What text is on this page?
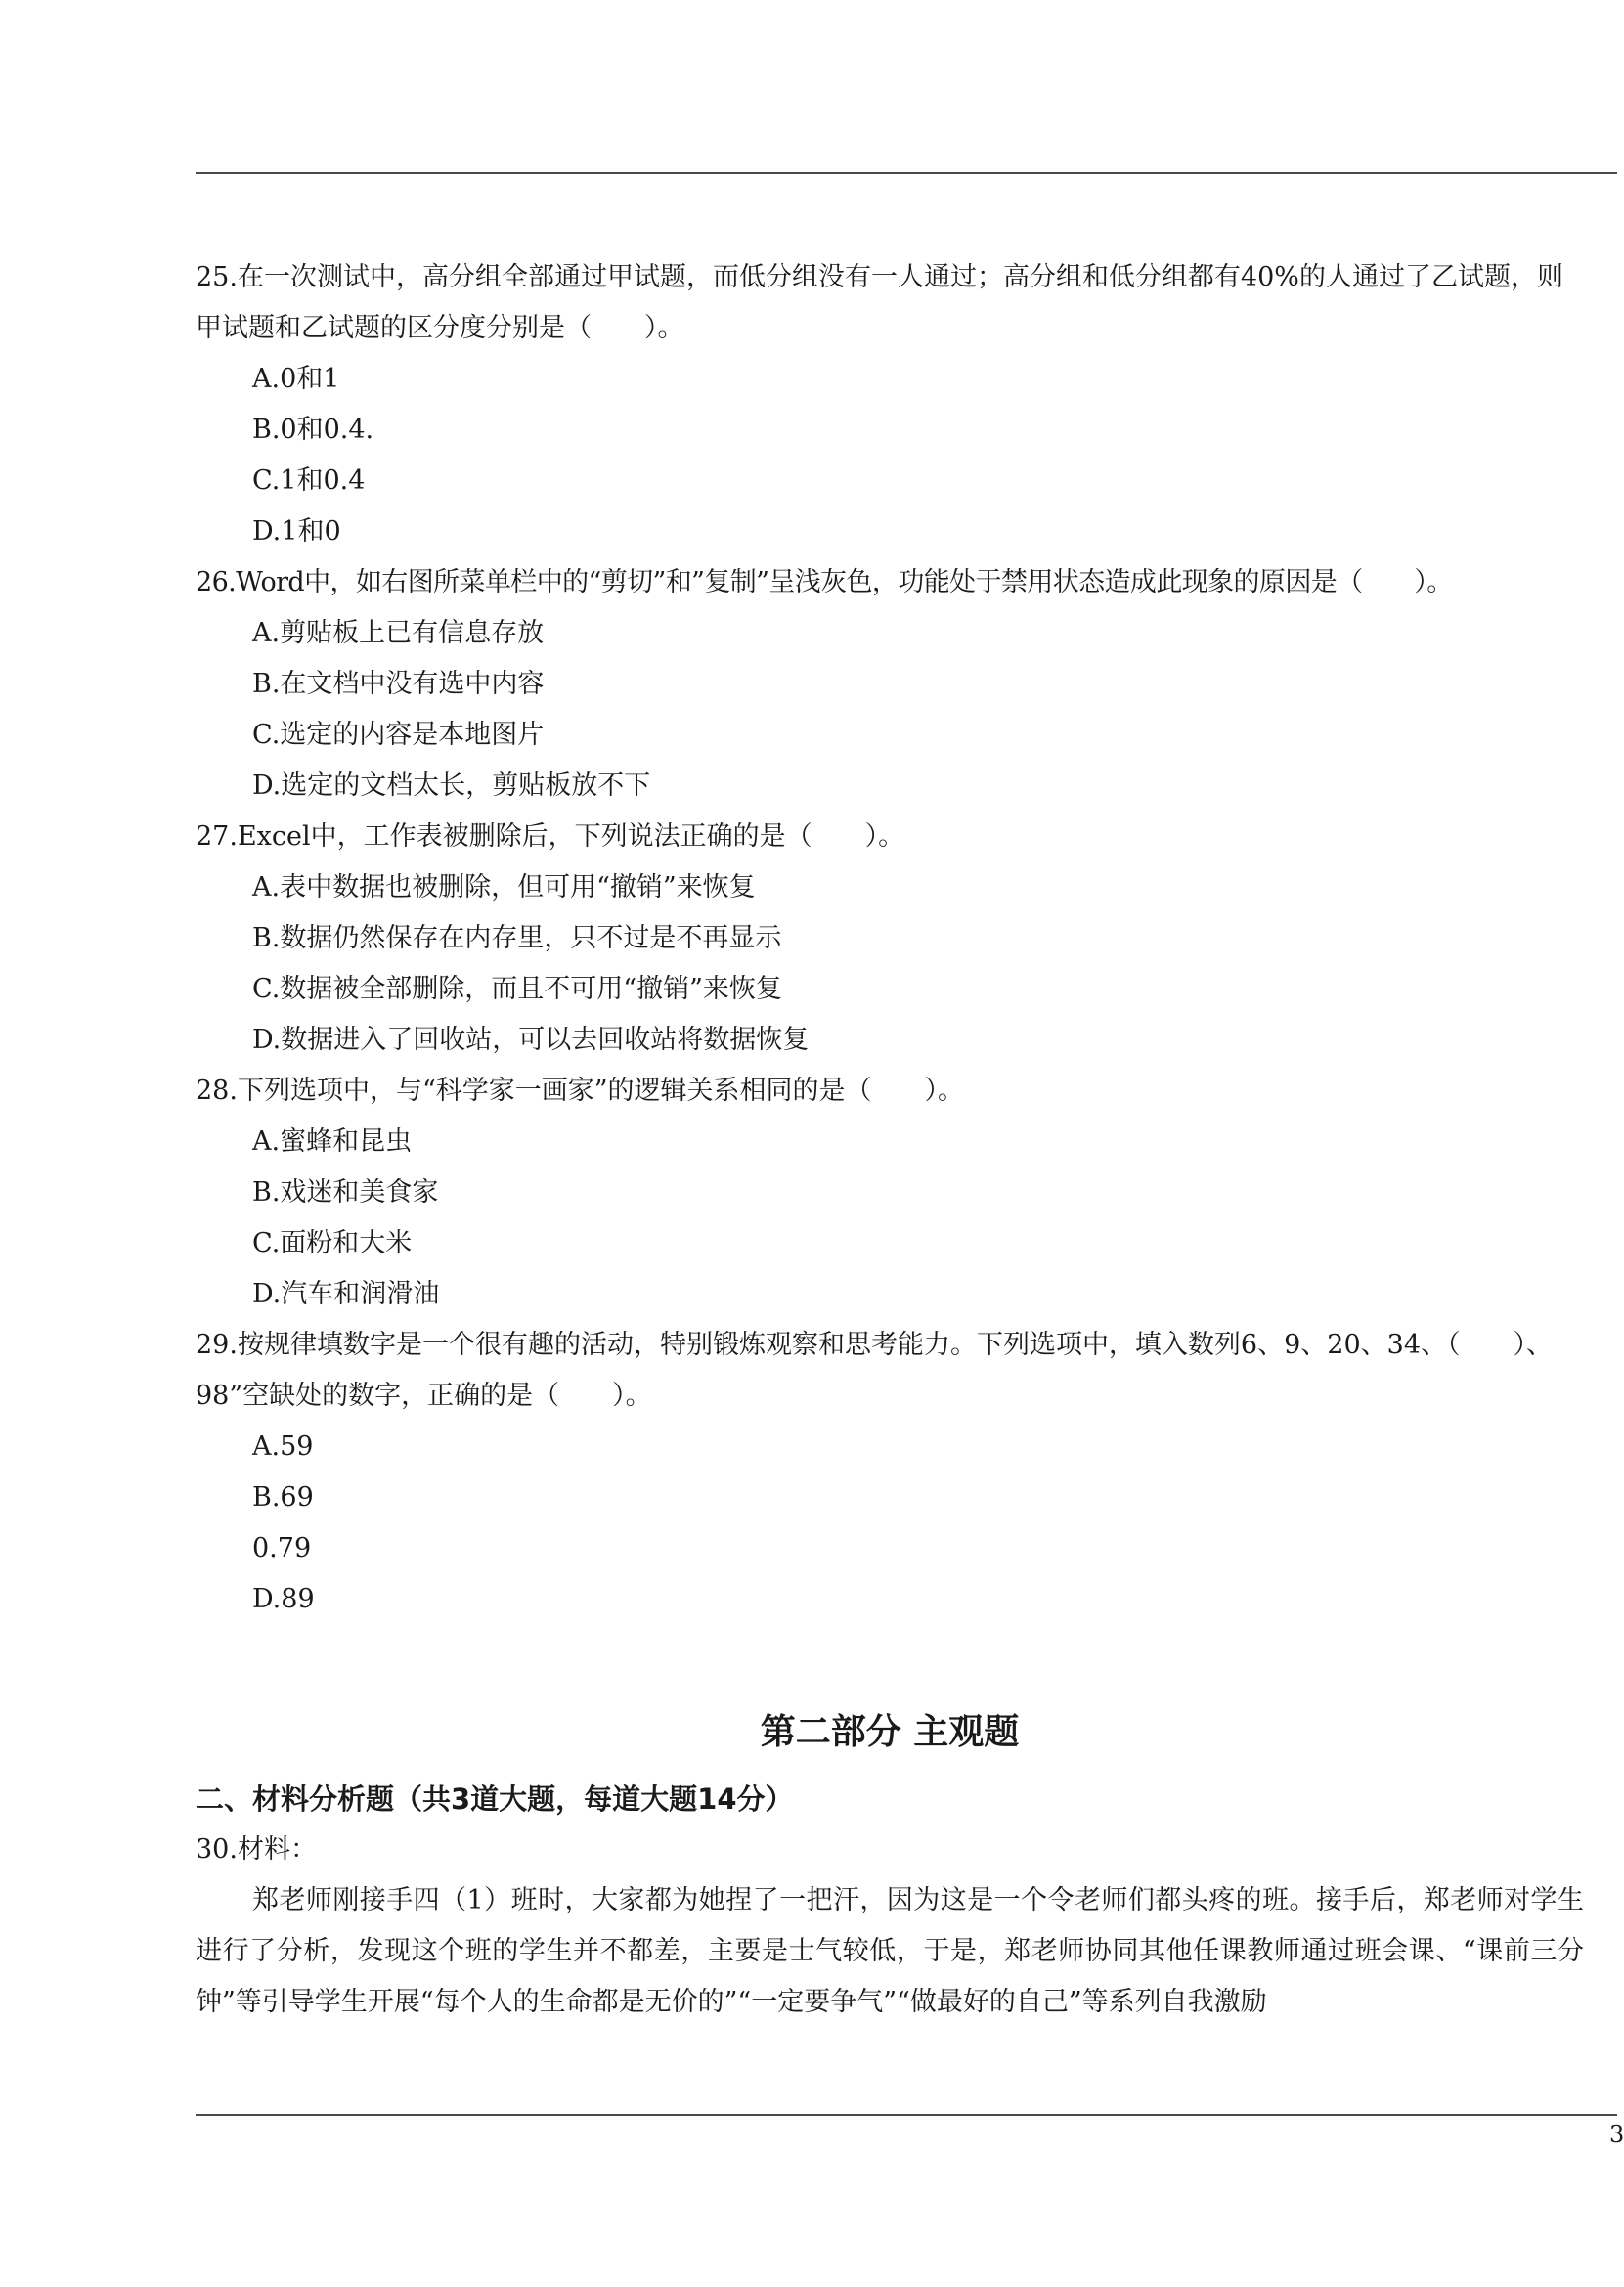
25.在一次测试中，高分组全部通过甲试题，而低分组没有一人通过；高分组和低分组都有40%的人通过了乙试题，则甲试题和乙试题的区分度分别是（　　）。

A.0和1

B.0和0.4.

C.1和0.4

D.1和0

26.Word中，如右图所菜单栏中的“剪切”和”复制”呈浅灰色，功能处于禁用状态造成此现象的原因是（　　）。

A.剪贴板上已有信息存放

B.在文档中没有选中内容

C.选定的内容是本地图片

D.选定的文档太长，剪贴板放不下

27.Excel中，工作表被删除后，下列说法正确的是（　　）。

A.表中数据也被删除，但可用“撤销”来恢复

B.数据仍然保存在内存里，只不过是不再显示

C.数据被全部删除，而且不可用“撤销”来恢复

D.数据进入了回收站，可以去回收站将数据恢复

28.下列选项中，与“科学家一画家”的逻辑关系相同的是（　　）。

A.蜜蜂和昆虫

B.戏迷和美食家

C.面粉和大米

D.汽车和润滑油

29.按规律填数字是一个很有趣的活动，特别锻炼观察和思考能力。下列选项中，填入数列6、9、20、34、（　　）、98”空缺处的数字，正确的是（　　）。

A.59

B.69

0.79

D.89

第二部分 主观题

二、材料分析题（共3道大题，每道大题14分）

30.材料：

郑老师刚接手四（1）班时，大家都为她捏了一把汗，因为这是一个令老师们都头疼的班。接手后，郑老师对学生进行了分析，发现这个班的学生并不都差，主要是士气较低，于是，郑老师协同其他任课教师通过班会课、“课前三分钟”等引导学生开展“每个人的生命都是无价的”“一定要争气”“做最好的自己”等系列自我激励

3
